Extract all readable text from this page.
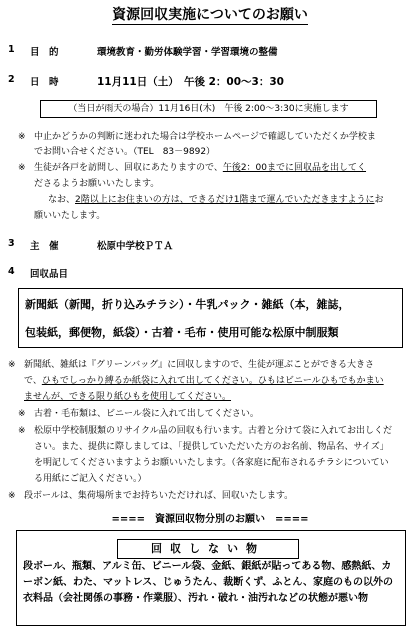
資源回収実施についてのお願い
1 目　的	環境教育・勤労体験学習・学習環境の整備
2 日　時	11月11日（土）　午後 2：00～3：30
（当日が雨天の場合）11月16日(木)　午後 2:00～3:30に実施します
※ 中止かどうかの判断に迷われた場合は学校ホームページで確認していただくか学校ま
でお問い合せください。（TEL　83－9892）
※ 生徒が各戸を訪問し、回収にあたりますので、午後2：00までに回収品を出してく
ださるようお願いいたします。
なお、2階以上にお住まいの方は、できるだけ1階まで運んでいただきますようにお
願いいたします。
3 主　催	松原中学校ＰＴＡ
4 回収品目
新聞紙（新聞，折り込みチラシ）・牛乳パック・雑紙（本，雑誌，
包装紙，郵便物，紙袋）・古着・毛布・使用可能な松原中制服類
※ 新聞紙、雑紙は『グリーンバッグ』に回収しますので、生徒が運ぶことができる大きさ
で、ひもでしっかり縛るか紙袋に入れて出してください。ひもはビニールひもでもかまい
ませんが、できる限り紙ひもを使用してください。
※ 古着・毛布類は、ビニール袋に入れて出してください。
※ 松原中学校制服類のリサイクル品の回収も行います。古着と分けて袋に入れてお出しくだ
さい。また、提供に際しましては、「提供していただいた方のお名前、物品名、サイズ」
を明記してくださいますようお願いいたします。（各家庭に配布されるチラシについてい
る用紙にご記入ください。）
※ 段ボールは、集荷場所までお持ちいただければ、回収いたします。
====　資源回収物分別のお願い　====
回収しない物
段ボール、瓶類、アルミ缶、ビニール袋、金紙、銀紙が貼ってある物、感熱紙、カーボン紙、わた、マットレス、じゅうたん、裁断くず、ふとん、家庭のもの以外の衣料品（会社関係の事務・作業服）、汚れ・破れ・油汚れなどの状態が悪い物
